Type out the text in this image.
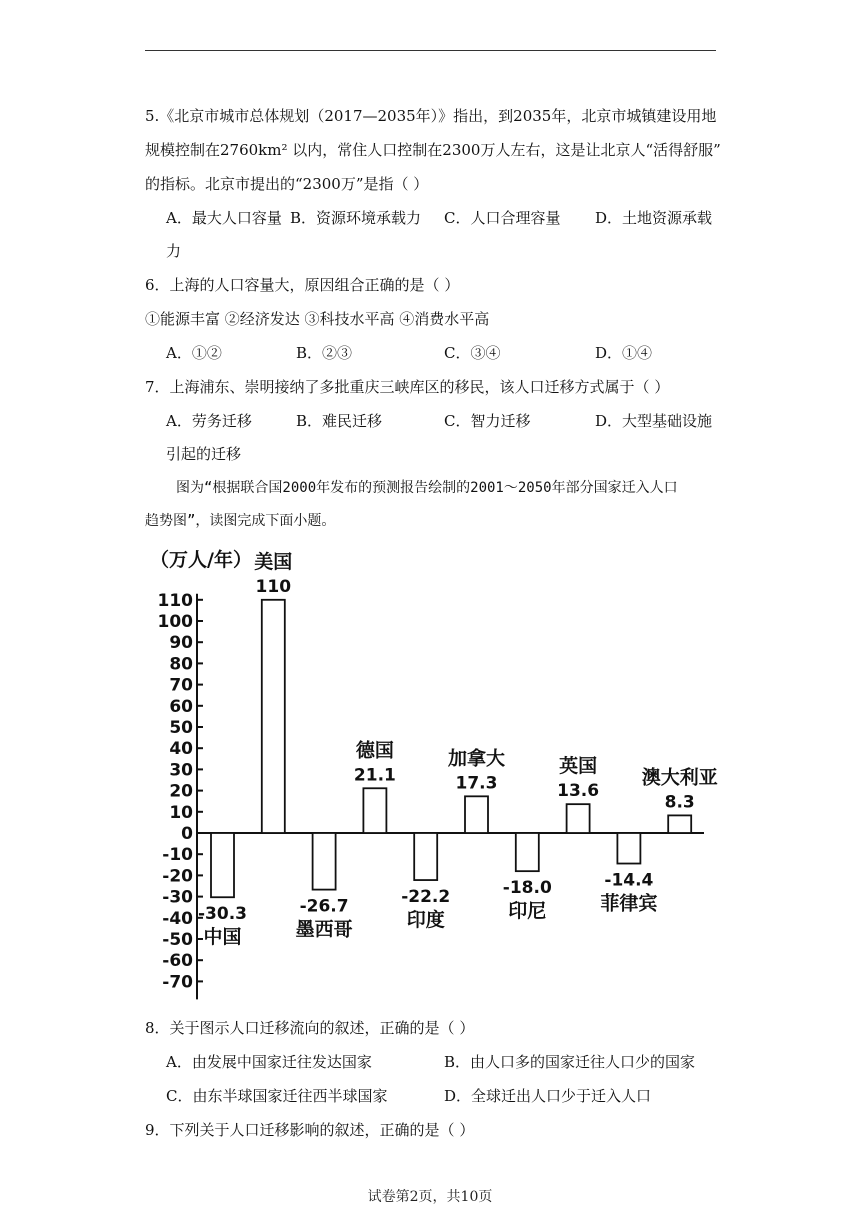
5.《北京市城市总体规划（2017—2035年）》指出，到2035年，北京市城镇建设用地
规模控制在2760km² 以内，常住人口控制在2300万人左右，这是让北京人“活得舒服”
的指标。北京市提出的“2300万”是指（ ）
A．最大人口容量 B．资源环境承载力 C．人口合理容量 D．土地资源承载
力
6．上海的人口容量大，原因组合正确的是（ ）
①能源丰富 ②经济发达 ③科技水平高 ④消费水平高
A．①②	B．②③	C．③④	D．①④
7．上海浦东、崇明接纳了多批重庆三峡库区的移民，该人口迁移方式属于（ ）
A．劳务迁移	B．难民迁移	C．智力迁移	D．大型基础设施
引起的迁移
图为“根据联合国2000年发布的预测报告绘制的2001～2050年部分国家迁入人口
趋势图”，读图完成下面小题。
（万人/年）
110
100
90
80
70
60
50
40
30
20
10
0
-10
-20
-30
-40
-50
-60
-70
-30.3
中国
110
美国
-26.7
墨西哥
21.1
德国
-22.2
印度
17.3
加拿大
-18.0
印尼
13.6
英国
-14.4
菲律宾
8.3
澳大利亚
8．关于图示人口迁移流向的叙述，正确的是（ ）
A．由发展中国家迁往发达国家	B．由人口多的国家迁往人口少的国家
C．由东半球国家迁往西半球国家	D．全球迁出人口少于迁入人口
9．下列关于人口迁移影响的叙述，正确的是（ ）
试卷第2页，共10页
